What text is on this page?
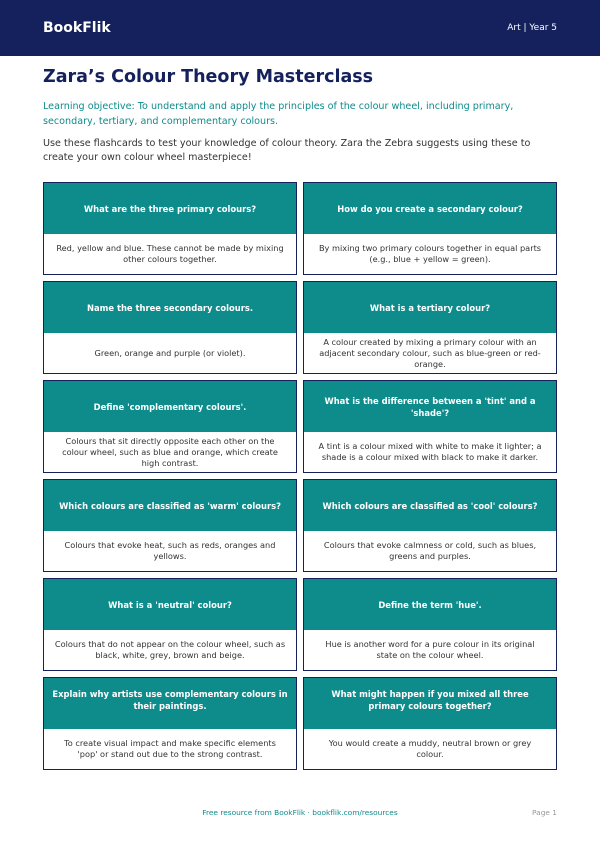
BookFlik	Art | Year 5
Zara’s Colour Theory Masterclass

Learning objective: To understand and apply the principles of the colour wheel, including primary, secondary, tertiary, and complementary colours.

Use these flashcards to test your knowledge of colour theory. Zara the Zebra suggests using these to create your own colour wheel masterpiece!

What are the three primary colours?
Red, yellow and blue. These cannot be made by mixing other colours together.
How do you create a secondary colour?
By mixing two primary colours together in equal parts (e.g., blue + yellow = green).
Name the three secondary colours.
Green, orange and purple (or violet).
What is a tertiary colour?
A colour created by mixing a primary colour with an adjacent secondary colour, such as blue-green or red-orange.
Define 'complementary colours'.
Colours that sit directly opposite each other on the colour wheel, such as blue and orange, which create high contrast.
What is the difference between a 'tint' and a 'shade'?
A tint is a colour mixed with white to make it lighter; a shade is a colour mixed with black to make it darker.
Which colours are classified as 'warm' colours?
Colours that evoke heat, such as reds, oranges and yellows.
Which colours are classified as 'cool' colours?
Colours that evoke calmness or cold, such as blues, greens and purples.
What is a 'neutral' colour?
Colours that do not appear on the colour wheel, such as black, white, grey, brown and beige.
Define the term 'hue'.
Hue is another word for a pure colour in its original state on the colour wheel.
Explain why artists use complementary colours in their paintings.
To create visual impact and make specific elements 'pop' or stand out due to the strong contrast.
What might happen if you mixed all three primary colours together?
You would create a muddy, neutral brown or grey colour.
Free resource from BookFlik · bookflik.com/resources	Page 1
